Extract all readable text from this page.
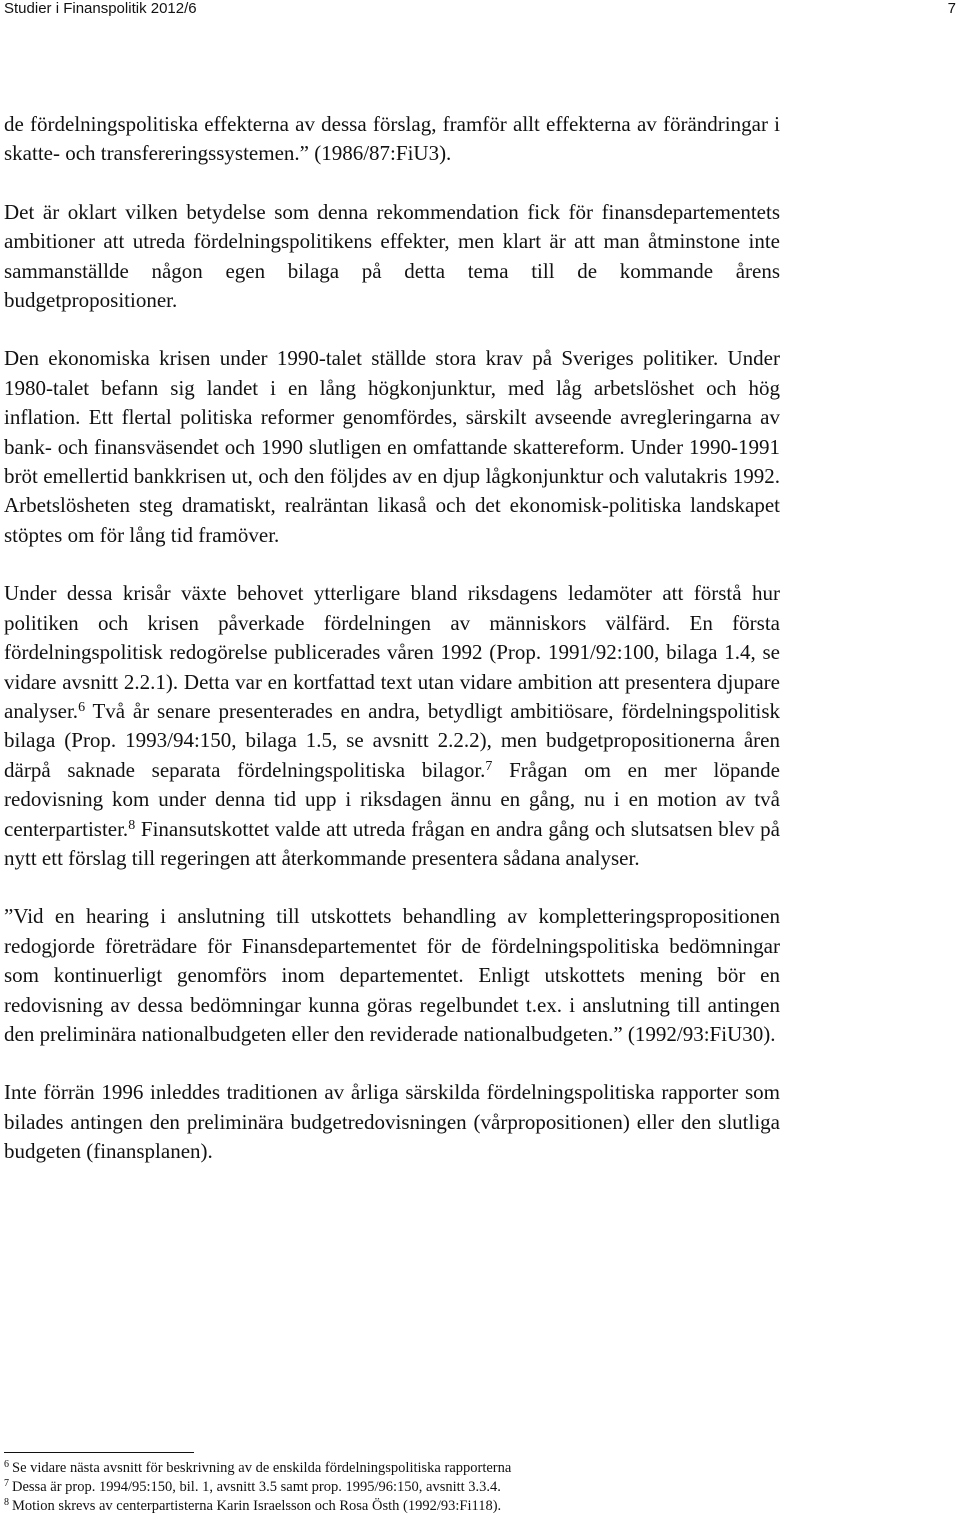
Studier i Finanspolitik 2012/6	7

de fördelningspolitiska effekterna av dessa förslag, framför allt effekterna av förändringar i skatte- och transfereringssystemen.” (1986/87:FiU3).

Det är oklart vilken betydelse som denna rekommendation fick för finansdepartementets ambitioner att utreda fördelningspolitikens effekter, men klart är att man åtminstone inte sammanställde någon egen bilaga på detta tema till de kommande årens budgetpropositioner.

Den ekonomiska krisen under 1990-talet ställde stora krav på Sveriges politiker. Under 1980-talet befann sig landet i en lång högkonjunktur, med låg arbetslöshet och hög inflation. Ett flertal politiska reformer genomfördes, särskilt avseende avregleringarna av bank- och finansväsendet och 1990 slutligen en omfattande skattereform. Under 1990-1991 bröt emellertid bankkrisen ut, och den följdes av en djup lågkonjunktur och valutakris 1992. Arbetslösheten steg dramatiskt, realräntan likaså och det ekonomisk-politiska landskapet stöptes om för lång tid framöver.

Under dessa krisår växte behovet ytterligare bland riksdagens ledamöter att förstå hur politiken och krisen påverkade fördelningen av människors välfärd. En första fördelningspolitisk redogörelse publicerades våren 1992 (Prop. 1991/92:100, bilaga 1.4, se vidare avsnitt 2.2.1). Detta var en kortfattad text utan vidare ambition att presentera djupare analyser.$^6$ Två år senare presenterades en andra, betydligt ambitiösare, fördelningspolitisk bilaga (Prop. 1993/94:150, bilaga 1.5, se avsnitt 2.2.2), men budgetpropositionerna åren därpå saknade separata fördelningspolitiska bilagor.$^7$ Frågan om en mer löpande redovisning kom under denna tid upp i riksdagen ännu en gång, nu i en motion av två centerpartister.$^8$ Finansutskottet valde att utreda frågan en andra gång och slutsatsen blev på nytt ett förslag till regeringen att återkommande presentera sådana analyser.

”Vid en hearing i anslutning till utskottets behandling av kompletteringspropositionen redogjorde företrädare för Finansdepartementet för de fördelningspolitiska bedömningar som kontinuerligt genomförs inom departementet. Enligt utskottets mening bör en redovisning av dessa bedömningar kunna göras regelbundet t.ex. i anslutning till antingen den preliminära nationalbudgeten eller den reviderade nationalbudgeten.” (1992/93:FiU30).

Inte förrän 1996 inleddes traditionen av årliga särskilda fördelningspolitiska rapporter som bilades antingen den preliminära budgetredovisningen (vårpropositionen) eller den slutliga budgeten (finansplanen).

$^6$ Se vidare nästa avsnitt för beskrivning av de enskilda fördelningspolitiska rapporterna
$^7$ Dessa är prop. 1994/95:150, bil. 1, avsnitt 3.5 samt prop. 1995/96:150, avsnitt 3.3.4.
$^8$ Motion skrevs av centerpartisterna Karin Israelsson och Rosa Östh (1992/93:Fi118).
